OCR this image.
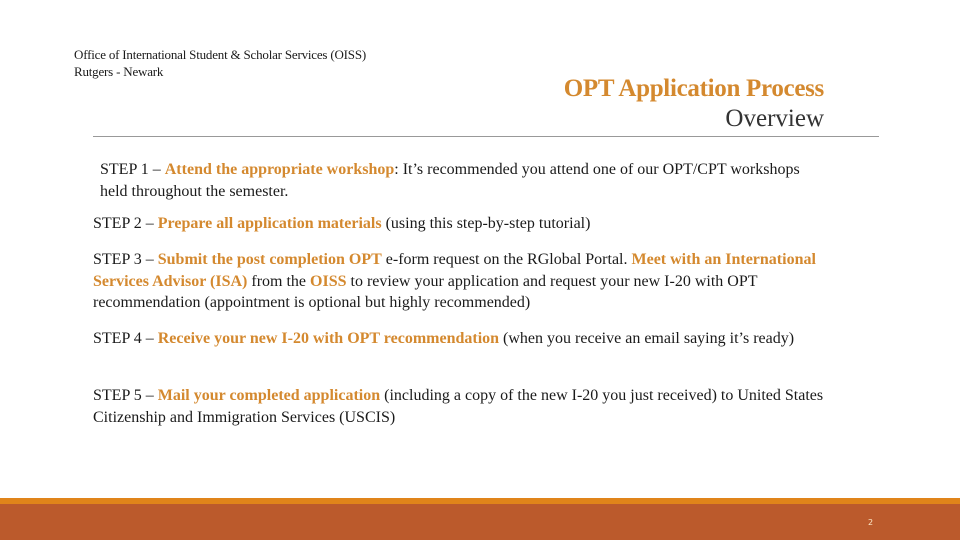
Office of International Student & Scholar Services (OISS)
Rutgers - Newark
OPT Application Process
Overview
STEP 1 – Attend the appropriate workshop: It’s recommended you attend one of our OPT/CPT workshops held throughout the semester.
STEP 2 – Prepare all application materials (using this step-by-step tutorial)
STEP 3 – Submit the post completion OPT e-form request on the RGlobal Portal. Meet with an International Services Advisor (ISA) from the OISS to review your application and request your new I-20 with OPT recommendation (appointment is optional but highly recommended)
STEP 4 – Receive your new I-20 with OPT recommendation (when you receive an email saying it’s ready)
STEP 5 – Mail your completed application (including a copy of the new I-20 you just received) to United States Citizenship and Immigration Services (USCIS)
2
